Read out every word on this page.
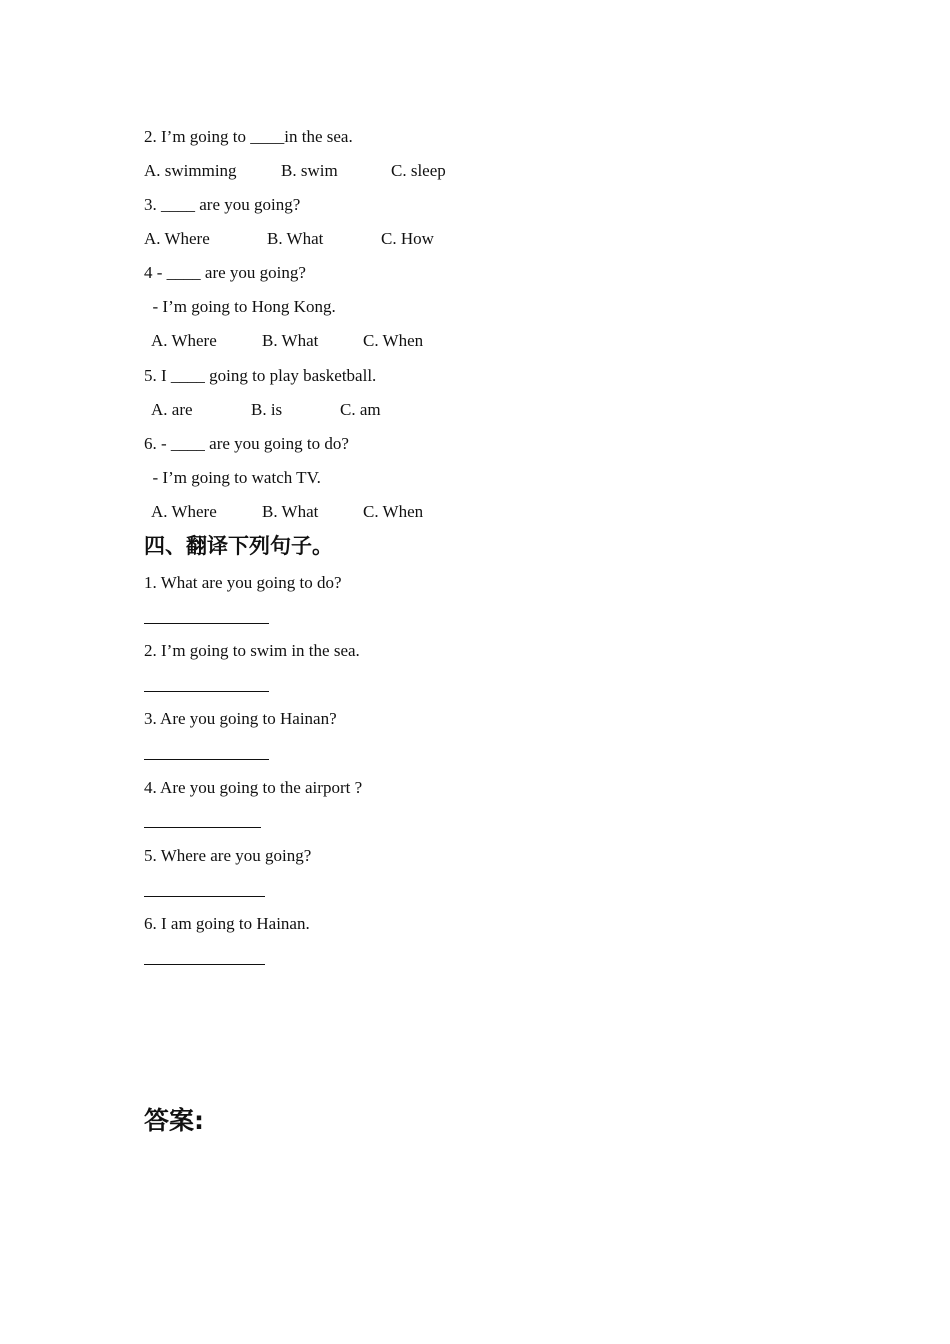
2. I’m going to ____in the sea.
A. swimming	B. swim	C. sleep
3. ____ are you going?
A. Where	B. What	C. How
4 - ____ are you going?
- I’m going to Hong Kong.
A. Where	B. What	C. When
5. I ____ going to play basketball.
A. are	B. is	C. am
6. - ____ are you going to do?
- I’m going to watch TV.
A. Where	B. What	C. When
四、翻译下列句子。
1. What are you going to do?
2. I’m going to swim in the sea.
3. Are you going to Hainan?
4. Are you going to the airport ?
5. Where are you going?
6. I am going to Hainan.
答案:
